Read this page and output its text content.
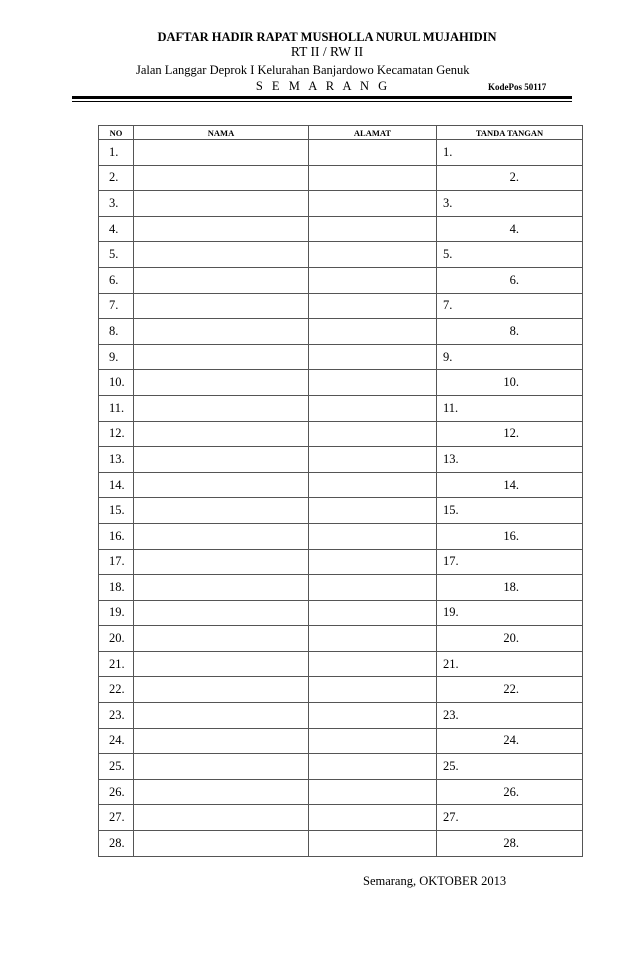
DAFTAR HADIR RAPAT MUSHOLLA NURUL MUJAHIDIN
RT II / RW II
Jalan Langgar Deprok I Kelurahan Banjardowo Kecamatan Genuk
S E M A R A N G	KodePos 50117
NO	NAMA	ALAMAT	TANDA TANGAN
1.			1.
2.			2.
3.			3.
4.			4.
5.			5.
6.			6.
7.			7.
8.			8.
9.			9.
10.			10.
11.			11.
12.			12.
13.			13.
14.			14.
15.			15.
16.			16.
17.			17.
18.			18.
19.			19.
20.			20.
21.			21.
22.			22.
23.			23.
24.			24.
25.			25.
26.			26.
27.			27.
28.			28.
Semarang, OKTOBER 2013
